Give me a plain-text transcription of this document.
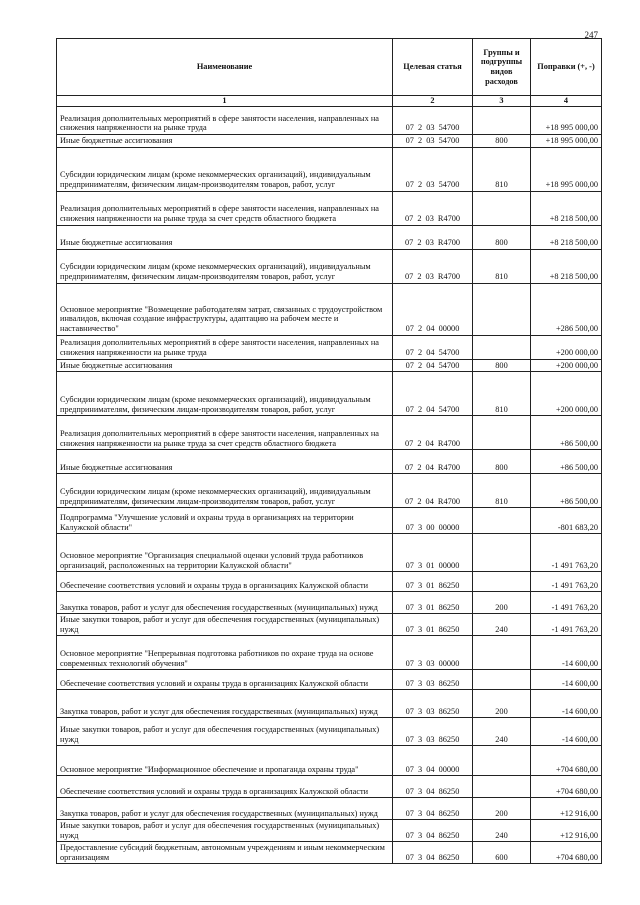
247
Наименование	Целевая статья	Группы и подгруппы видов расходов	Поправки (+, -)
1	2	3	4
Реализация дополнительных мероприятий в сфере занятости населения, направленных на снижения напряженности на рынке труда	07 2 03 54700		+18 995 000,00
Иные бюджетные ассигнования	07 2 03 54700	800	+18 995 000,00
Субсидии юридическим лицам (кроме некоммерческих организаций), индивидуальным предпринимателям, физическим лицам-производителям товаров, работ, услуг	07 2 03 54700	810	+18 995 000,00
Реализация дополнительных мероприятий в сфере занятости населения, направленных на снижения напряженности на рынке труда за счет средств областного бюджета	07 2 03 R4700		+8 218 500,00
Иные бюджетные ассигнования	07 2 03 R4700	800	+8 218 500,00
Субсидии юридическим лицам (кроме некоммерческих организаций), индивидуальным предпринимателям, физическим лицам-производителям товаров, работ, услуг	07 2 03 R4700	810	+8 218 500,00
Основное мероприятие "Возмещение работодателям затрат, связанных с трудоустройством инвалидов, включая создание инфраструктуры, адаптацию на рабочем месте и наставничество"	07 2 04 00000		+286 500,00
Реализация дополнительных мероприятий в сфере занятости населения, направленных на снижения напряженности на рынке труда	07 2 04 54700		+200 000,00
Иные бюджетные ассигнования	07 2 04 54700	800	+200 000,00
Субсидии юридическим лицам (кроме некоммерческих организаций), индивидуальным предпринимателям, физическим лицам-производителям товаров, работ, услуг	07 2 04 54700	810	+200 000,00
Реализация дополнительных мероприятий в сфере занятости населения, направленных на снижения напряженности на рынке труда за счет средств областного бюджета	07 2 04 R4700		+86 500,00
Иные бюджетные ассигнования	07 2 04 R4700	800	+86 500,00
Субсидии юридическим лицам (кроме некоммерческих организаций), индивидуальным предпринимателям, физическим лицам-производителям товаров, работ, услуг	07 2 04 R4700	810	+86 500,00
Подпрограмма "Улучшение условий и охраны труда в организациях на территории Калужской области"	07 3 00 00000		-801 683,20
Основное мероприятие "Организация специальной оценки условий труда работников организаций, расположенных на территории Калужской области"	07 3 01 00000		-1 491 763,20
Обеспечение соответствия условий и охраны труда в организациях Калужской области	07 3 01 86250		-1 491 763,20
Закупка товаров, работ и услуг для обеспечения государственных (муниципальных) нужд	07 3 01 86250	200	-1 491 763,20
Иные закупки товаров, работ и услуг для обеспечения государственных (муниципальных) нужд	07 3 01 86250	240	-1 491 763,20
Основное мероприятие "Непрерывная подготовка работников по охране труда на основе современных технологий обучения"	07 3 03 00000		-14 600,00
Обеспечение соответствия условий и охраны труда в организациях Калужской области	07 3 03 86250		-14 600,00
Закупка товаров, работ и услуг для обеспечения государственных (муниципальных) нужд	07 3 03 86250	200	-14 600,00
Иные закупки товаров, работ и услуг для обеспечения государственных (муниципальных) нужд	07 3 03 86250	240	-14 600,00
Основное мероприятие "Информационное обеспечение и пропаганда охраны труда"	07 3 04 00000		+704 680,00
Обеспечение соответствия условий и охраны труда в организациях Калужской области	07 3 04 86250		+704 680,00
Закупка товаров, работ и услуг для обеспечения государственных (муниципальных) нужд	07 3 04 86250	200	+12 916,00
Иные закупки товаров, работ и услуг для обеспечения государственных (муниципальных) нужд	07 3 04 86250	240	+12 916,00
Предоставление субсидий бюджетным, автономным учреждениям и иным некоммерческим организациям	07 3 04 86250	600	+704 680,00
